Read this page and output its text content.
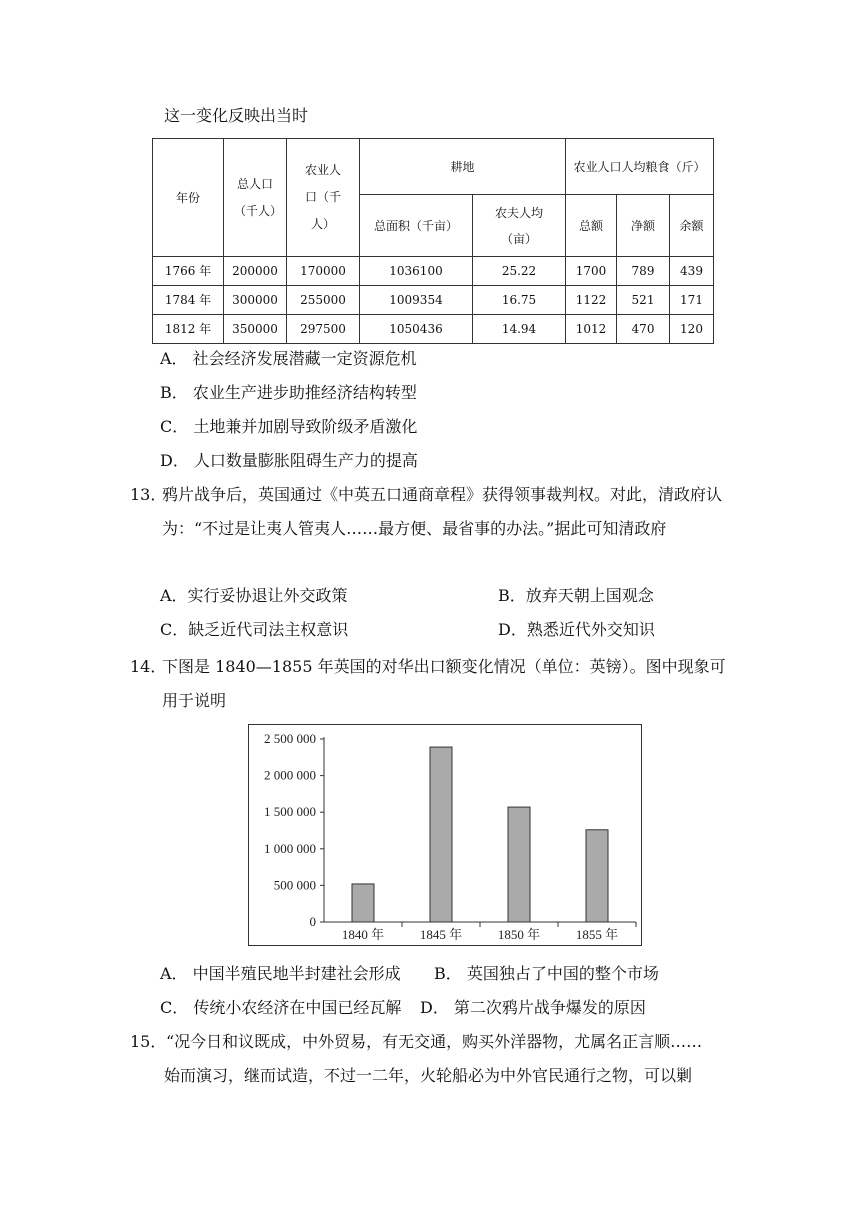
这一变化反映出当时
年份	总人口（千人）	农业人口（千人）	耕地		农业人口人均粮食（斤）		

			总面积（千亩）	农夫人均（亩）	总额	净额	余额
1766 年	200000	170000	1036100	25.22	1700	789	439
1784 年	300000	255000	1009354	16.75	1122	521	171
1812 年	350000	297500	1050436	14.94	1012	470	120
A． 社会经济发展潜藏一定资源危机
B． 农业生产进步助推经济结构转型
C． 土地兼并加剧导致阶级矛盾激化
D． 人口数量膨胀阻碍生产力的提高
13．
鸦片战争后，英国通过《中英五口通商章程》获得领事裁判权。对此，清政府认为：“不过是让夷人管夷人……最方便、最省事的办法。”据此可知清政府
A．实行妥协退让外交政策	B．放弃天朝上国观念
C．缺乏近代司法主权意识	D．熟悉近代外交知识
14．
下图是 1840—1855 年英国的对华出口额变化情况（单位：英镑）。图中现象可用于说明
0
500 000
1 000 000
1 500 000
2 000 000
2 500 000
1840 年	1845 年	1850 年	1855 年
A． 中国半殖民地半封建社会形成 B． 英国独占了中国的整个市场
C． 传统小农经济在中国已经瓦解 D． 第二次鸦片战争爆发的原因
15． “况今日和议既成，中外贸易，有无交通，购买外洋器物，尤属名正言顺……
始而演习，继而试造，不过一二年，火轮船必为中外官民通行之物，可以剿
